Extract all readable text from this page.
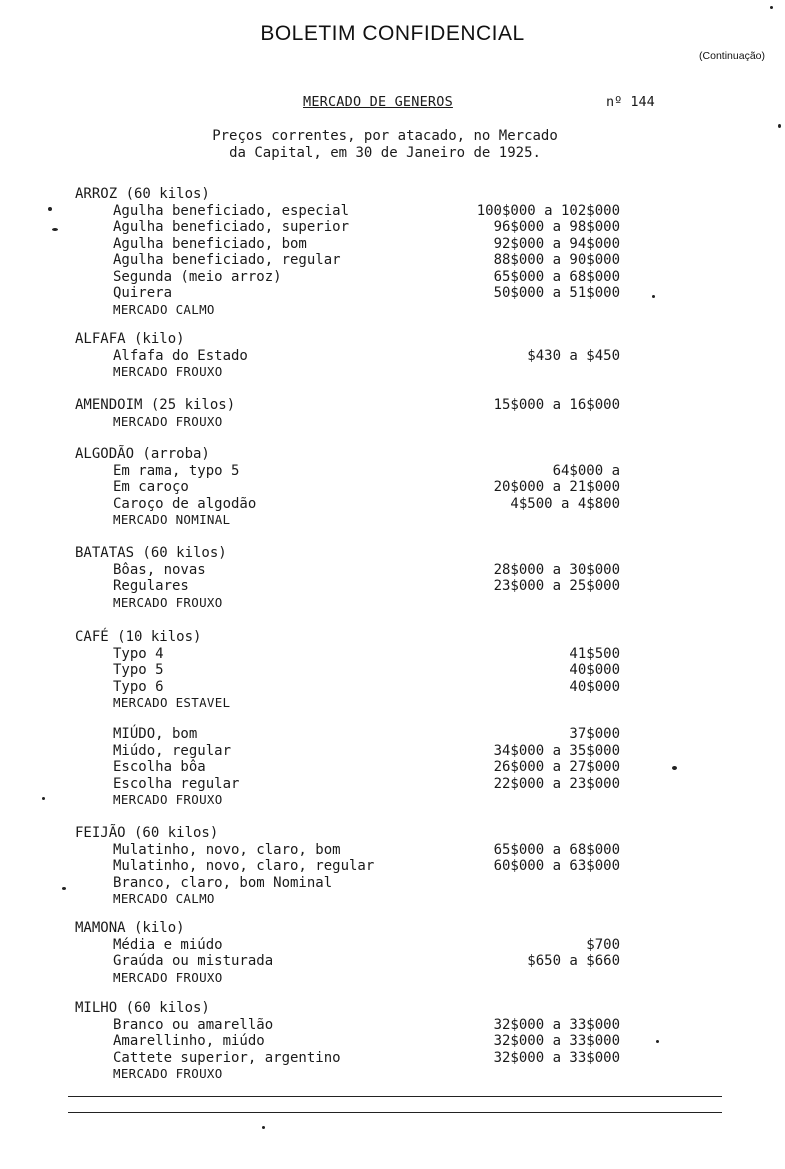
BOLETIM CONFIDENCIAL
(Continuação)
MERCADO DE GENEROS	nº 144
Preços correntes, por atacado, no Mercado
da Capital, em 30 de Janeiro de 1925.
ARROZ (60 kilos)
Agulha beneficiado, especial	100$000 a 102$000
Agulha beneficiado, superior	96$000 a 98$000
Agulha beneficiado, bom	92$000 a 94$000
Agulha beneficiado, regular	88$000 a 90$000
Segunda (meio arroz)	65$000 a 68$000
Quirera	50$000 a 51$000
MERCADO CALMO
ALFAFA (kilo)
Alfafa do Estado	$430 a $450
MERCADO FROUXO
AMENDOIM (25 kilos)	15$000 a 16$000
MERCADO FROUXO
ALGODÃO (arroba)
Em rama, typo 5	64$000 a
Em caroço	20$000 a 21$000
Caroço de algodão	4$500 a 4$800
MERCADO NOMINAL
BATATAS (60 kilos)
Bôas, novas	28$000 a 30$000
Regulares	23$000 a 25$000
MERCADO FROUXO
CAFÉ (10 kilos)
Typo 4	41$500
Typo 5	40$000
Typo 6	40$000
MERCADO ESTAVEL
MIÚDO, bom	37$000
Miúdo, regular	34$000 a 35$000
Escolha bôa	26$000 a 27$000
Escolha regular	22$000 a 23$000
MERCADO FROUXO
FEIJÃO (60 kilos)
Mulatinho, novo, claro, bom	65$000 a 68$000
Mulatinho, novo, claro, regular	60$000 a 63$000
Branco, claro, bom Nominal
MERCADO CALMO
MAMONA (kilo)
Média e miúdo	$700
Graúda ou misturada	$650 a $660
MERCADO FROUXO
MILHO (60 kilos)
Branco ou amarellão	32$000 a 33$000
Amarellinho, miúdo	32$000 a 33$000
Cattete superior, argentino	32$000 a 33$000
MERCADO FROUXO
